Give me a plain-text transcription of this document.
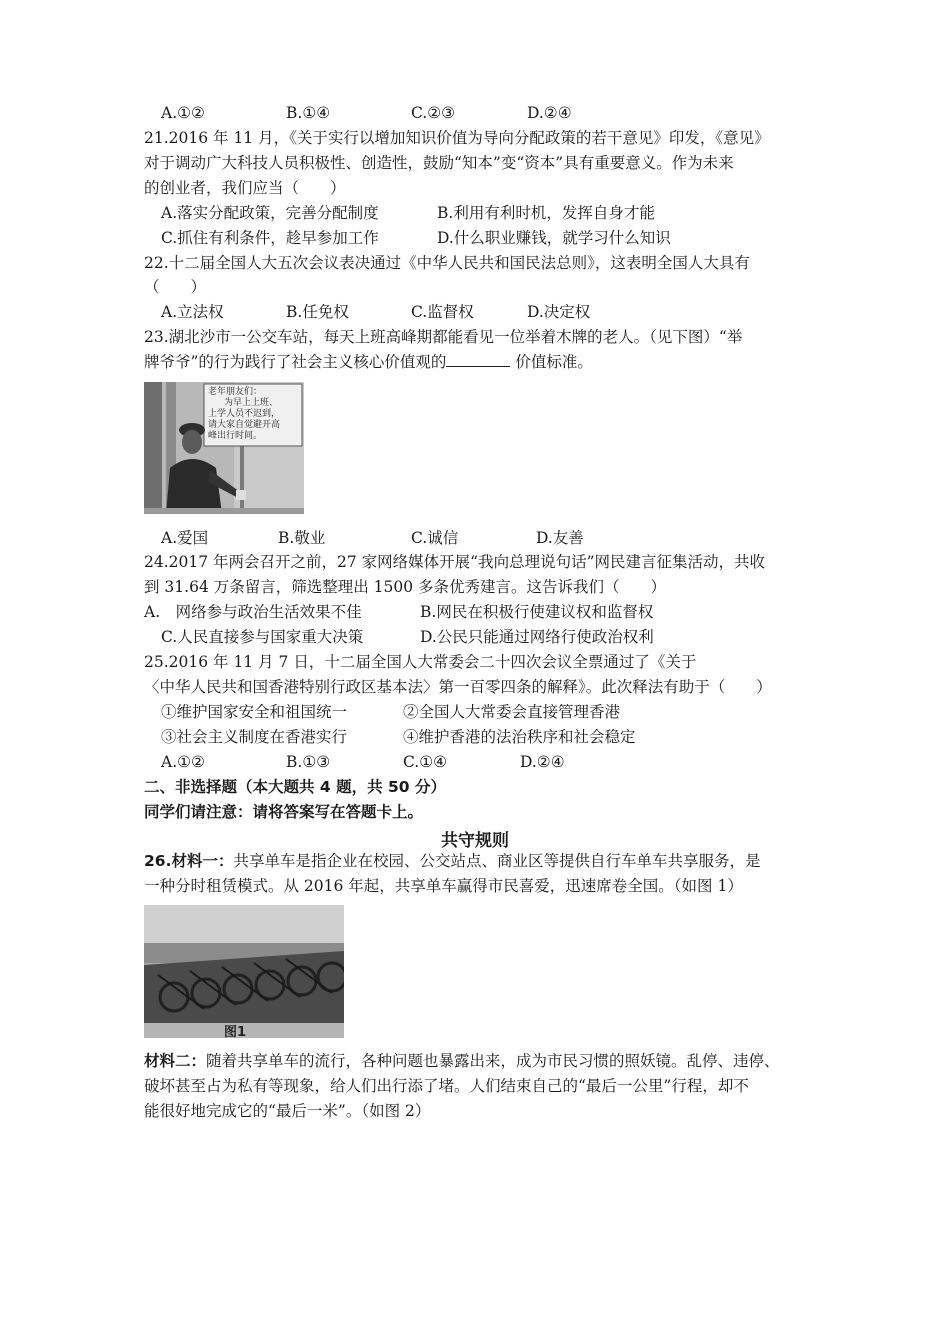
A.①②	B.①④	C.②③	D.②④
21.2016 年 11 月，《关于实行以增加知识价值为导向分配政策的若干意见》印发，《意见》
对于调动广大科技人员积极性、创造性，鼓励“知本”变“资本”具有重要意义。作为未来
的创业者，我们应当（　　）
A.落实分配政策，完善分配制度	B.利用有利时机，发挥自身才能
C.抓住有利条件，趁早参加工作	D.什么职业赚钱，就学习什么知识
22.十二届全国人大五次会议表决通过《中华人民共和国民法总则》，这表明全国人大具有
（　　）
A.立法权	B.任免权	C.监督权	D.决定权
23.湖北沙市一公交车站，每天上班高峰期都能看见一位举着木牌的老人。（见下图）“举
牌爷爷”的行为践行了社会主义核心价值观的	价值标准。
老年朋友们：
为早上上班、
上学人员不迟到，
请大家自觉避开高
峰出行时间。
A.爱国	B.敬业	C.诚信	D.友善
24.2017 年两会召开之前，27 家网络媒体开展“我向总理说句话”网民建言征集活动，共收
到 31.64 万条留言，筛选整理出 1500 多条优秀建言。这告诉我们（　　）
A.　网络参与政治生活效果不佳	B.网民在积极行使建议权和监督权
C.人民直接参与国家重大决策	D.公民只能通过网络行使政治权利
25.2016 年 11 月 7 日，十二届全国人大常委会二十四次会议全票通过了《关于
〈中华人民共和国香港特别行政区基本法〉第一百零四条的解释》。此次释法有助于（　　）
①维护国家安全和祖国统一	②全国人大常委会直接管理香港
③社会主义制度在香港实行	④维护香港的法治秩序和社会稳定
A.①②	B.①③	C.①④	D.②④
二、非选择题（本大题共 4 题，共 50 分）
同学们请注意：请将答案写在答题卡上。
共守规则
26.材料一：共享单车是指企业在校园、公交站点、商业区等提供自行车单车共享服务，是
一种分时租赁模式。从 2016 年起，共享单车赢得市民喜爱，迅速席卷全国。（如图 1）
图1
材料二：随着共享单车的流行，各种问题也暴露出来，成为市民习惯的照妖镜。乱停、违停、
破坏甚至占为私有等现象，给人们出行添了堵。人们结束自己的“最后一公里”行程，却不
能很好地完成它的“最后一米”。（如图 2）
